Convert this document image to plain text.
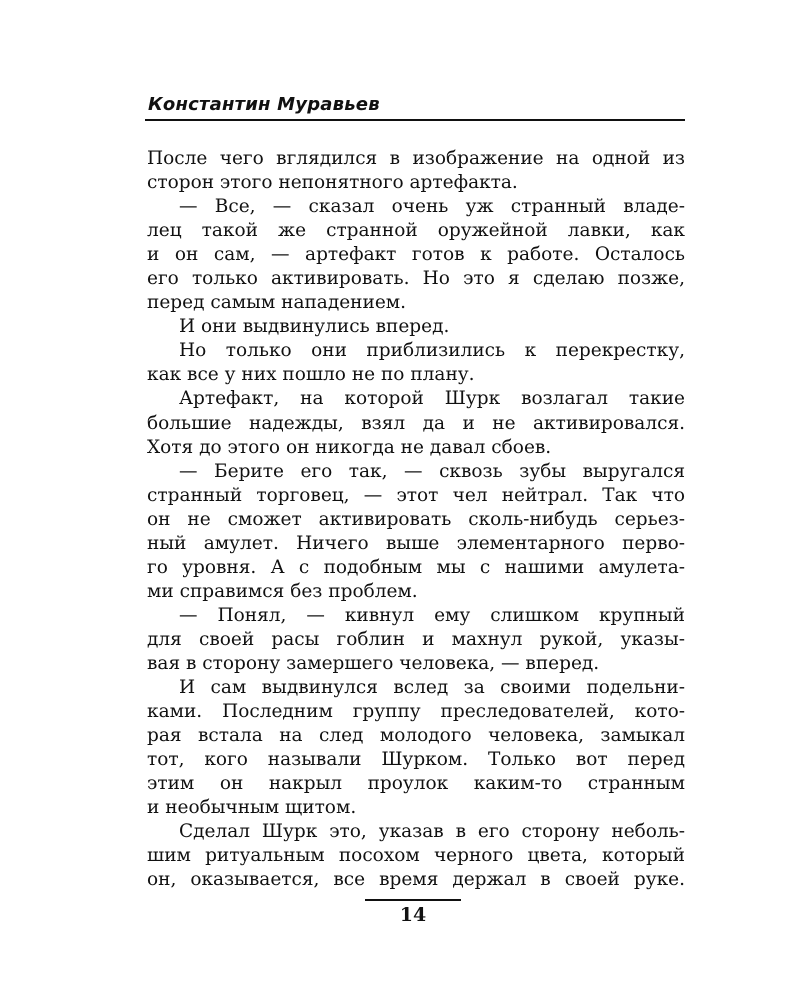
Константин Муравьев
После чего вглядился в изображение на одной из
сторон этого непонятного артефакта.
— Все, — сказал очень уж странный владе-
лец такой же странной оружейной лавки, как
и он сам, — артефакт готов к работе. Осталось
его только активировать. Но это я сделаю позже,
перед самым нападением.
И они выдвинулись вперед.
Но только они приблизились к перекрестку,
как все у них пошло не по плану.
Артефакт, на которой Шурк возлагал такие
большие надежды, взял да и не активировался.
Хотя до этого он никогда не давал сбоев.
— Берите его так, — сквозь зубы выругался
странный торговец, — этот чел нейтрал. Так что
он не сможет активировать сколь-нибудь серьез-
ный амулет. Ничего выше элементарного перво-
го уровня. А с подобным мы с нашими амулета-
ми справимся без проблем.
— Понял, — кивнул ему слишком крупный
для своей расы гоблин и махнул рукой, указы-
вая в сторону замершего человека, — вперед.
И сам выдвинулся вслед за своими подельни-
ками. Последним группу преследователей, кото-
рая встала на след молодого человека, замыкал
тот, кого называли Шурком. Только вот перед
этим он накрыл проулок каким-то странным
и необычным щитом.
Сделал Шурк это, указав в его сторону неболь-
шим ритуальным посохом черного цвета, который
он, оказывается, все время держал в своей руке.
14
